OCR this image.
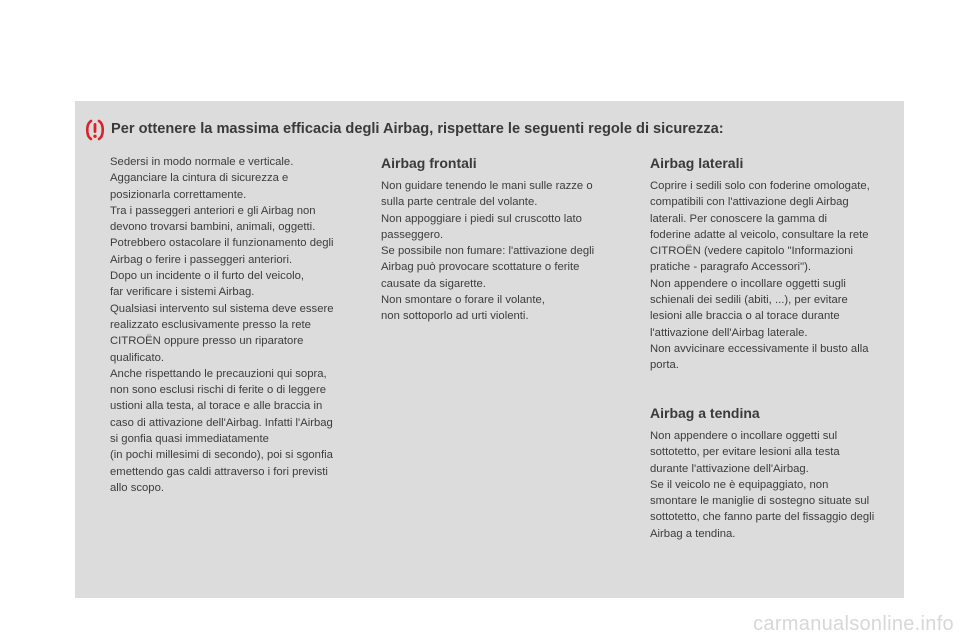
Per ottenere la massima efficacia degli Airbag, rispettare le seguenti regole di sicurezza:

Sedersi in modo normale e verticale.
Agganciare la cintura di sicurezza e
posizionarla correttamente.
Tra i passeggeri anteriori e gli Airbag non
devono trovarsi bambini, animali, oggetti.
Potrebbero ostacolare il funzionamento degli
Airbag o ferire i passeggeri anteriori.
Dopo un incidente o il furto del veicolo,
far verificare i sistemi Airbag.
Qualsiasi intervento sul sistema deve essere
realizzato esclusivamente presso la rete
CITROËN oppure presso un riparatore
qualificato.
Anche rispettando le precauzioni qui sopra,
non sono esclusi rischi di ferite o di leggere
ustioni alla testa, al torace e alle braccia in
caso di attivazione dell'Airbag. Infatti l'Airbag
si gonfia quasi immediatamente
(in pochi millesimi di secondo), poi si sgonfia
emettendo gas caldi attraverso i fori previsti
allo scopo.

Airbag frontali

Non guidare tenendo le mani sulle razze o
sulla parte centrale del volante.
Non appoggiare i piedi sul cruscotto lato
passeggero.
Se possibile non fumare: l'attivazione degli
Airbag può provocare scottature o ferite
causate da sigarette.
Non smontare o forare il volante,
non sottoporlo ad urti violenti.

Airbag laterali

Coprire i sedili solo con foderine omologate,
compatibili con l'attivazione degli Airbag
laterali. Per conoscere la gamma di
foderine adatte al veicolo, consultare la rete
CITROËN (vedere capitolo "Informazioni
pratiche - paragrafo Accessori").
Non appendere o incollare oggetti sugli
schienali dei sedili (abiti, ...), per evitare
lesioni alle braccia o al torace durante
l'attivazione dell'Airbag laterale.
Non avvicinare eccessivamente il busto alla
porta.

Airbag a tendina

Non appendere o incollare oggetti sul
sottotetto, per evitare lesioni alla testa
durante l'attivazione dell'Airbag.
Se il veicolo ne è equipaggiato, non
smontare le maniglie di sostegno situate sul
sottotetto, che fanno parte del fissaggio degli
Airbag a tendina.

carmanualsonline.info
